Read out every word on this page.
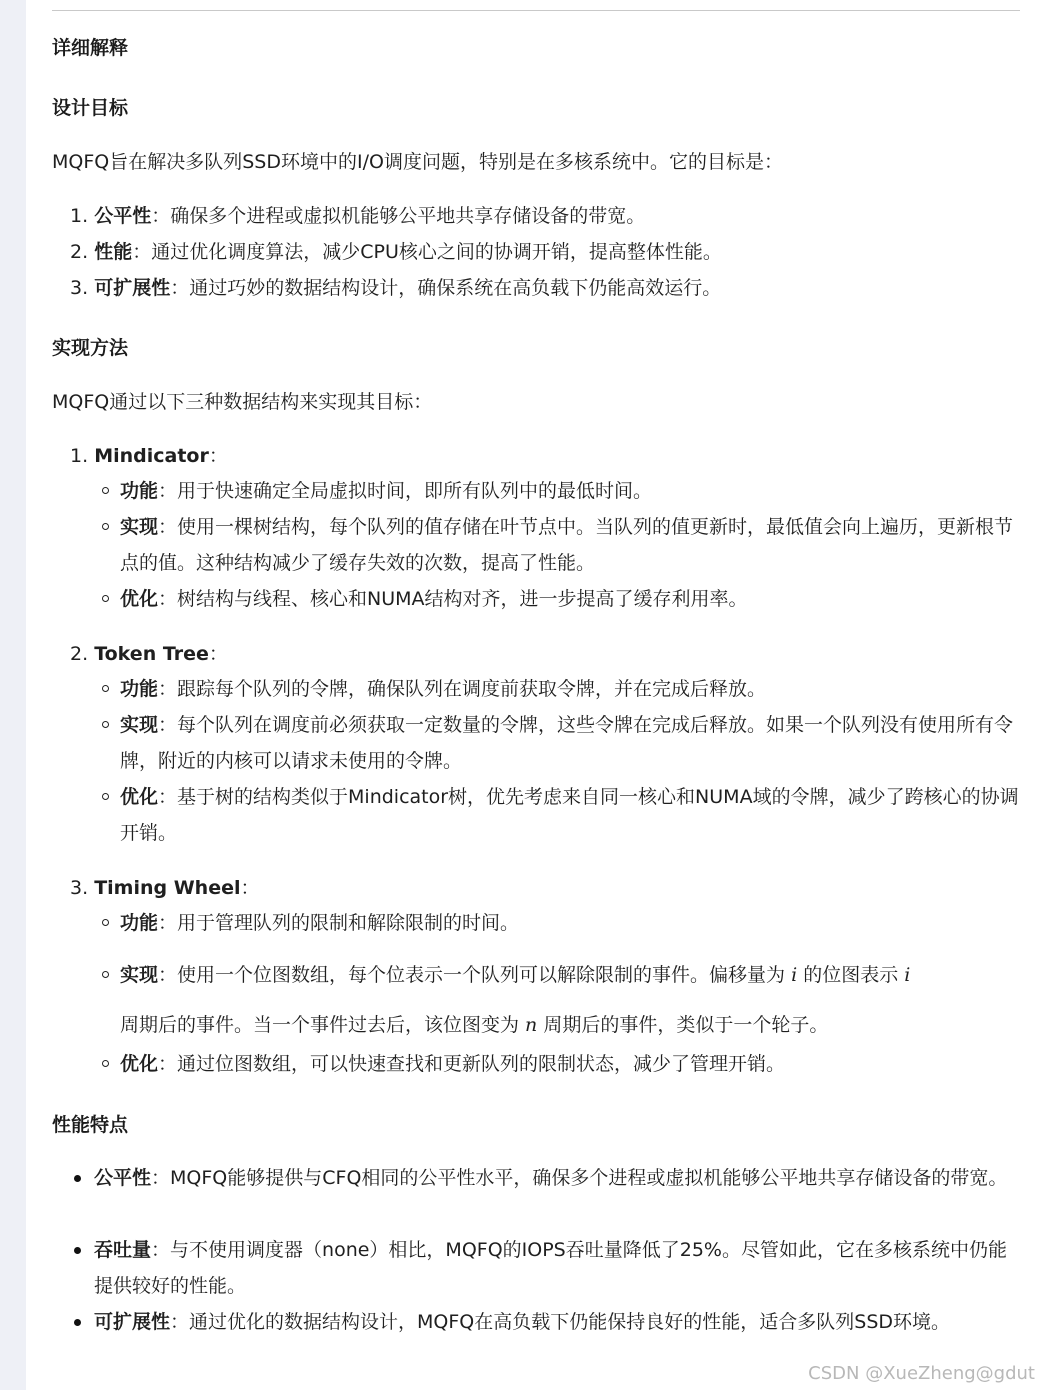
详细解释
设计目标
MQFQ旨在解决多队列SSD环境中的I/O调度问题，特别是在多核系统中。它的目标是：
1. 公平性：确保多个进程或虚拟机能够公平地共享存储设备的带宽。
2. 性能：通过优化调度算法，减少CPU核心之间的协调开销，提高整体性能。
3. 可扩展性：通过巧妙的数据结构设计，确保系统在高负载下仍能高效运行。
实现方法
MQFQ通过以下三种数据结构来实现其目标：
1. Mindicator：
功能：用于快速确定全局虚拟时间，即所有队列中的最低时间。
实现：使用一棵树结构，每个队列的值存储在叶节点中。当队列的值更新时，最低值会向上遍历，更新根节点的值。这种结构减少了缓存失效的次数，提高了性能。
优化：树结构与线程、核心和NUMA结构对齐，进一步提高了缓存利用率。
2. Token Tree：
功能：跟踪每个队列的令牌，确保队列在调度前获取令牌，并在完成后释放。
实现：每个队列在调度前必须获取一定数量的令牌，这些令牌在完成后释放。如果一个队列没有使用所有令牌，附近的内核可以请求未使用的令牌。
优化：基于树的结构类似于Mindicator树，优先考虑来自同一核心和NUMA域的令牌，减少了跨核心的协调开销。
3. Timing Wheel：
功能：用于管理队列的限制和解除限制的时间。
实现：使用一个位图数组，每个位表示一个队列可以解除限制的事件。偏移量为 i 的位图表示 i
周期后的事件。当一个事件过去后，该位图变为 n 周期后的事件，类似于一个轮子。
优化：通过位图数组，可以快速查找和更新队列的限制状态，减少了管理开销。
性能特点
公平性：MQFQ能够提供与CFQ相同的公平性水平，确保多个进程或虚拟机能够公平地共享存储设备的带宽。
吞吐量：与不使用调度器（none）相比，MQFQ的IOPS吞吐量降低了25%。尽管如此，它在多核系统中仍能提供较好的性能。
可扩展性：通过优化的数据结构设计，MQFQ在高负载下仍能保持良好的性能，适合多队列SSD环境。
CSDN @XueZheng@gdut
